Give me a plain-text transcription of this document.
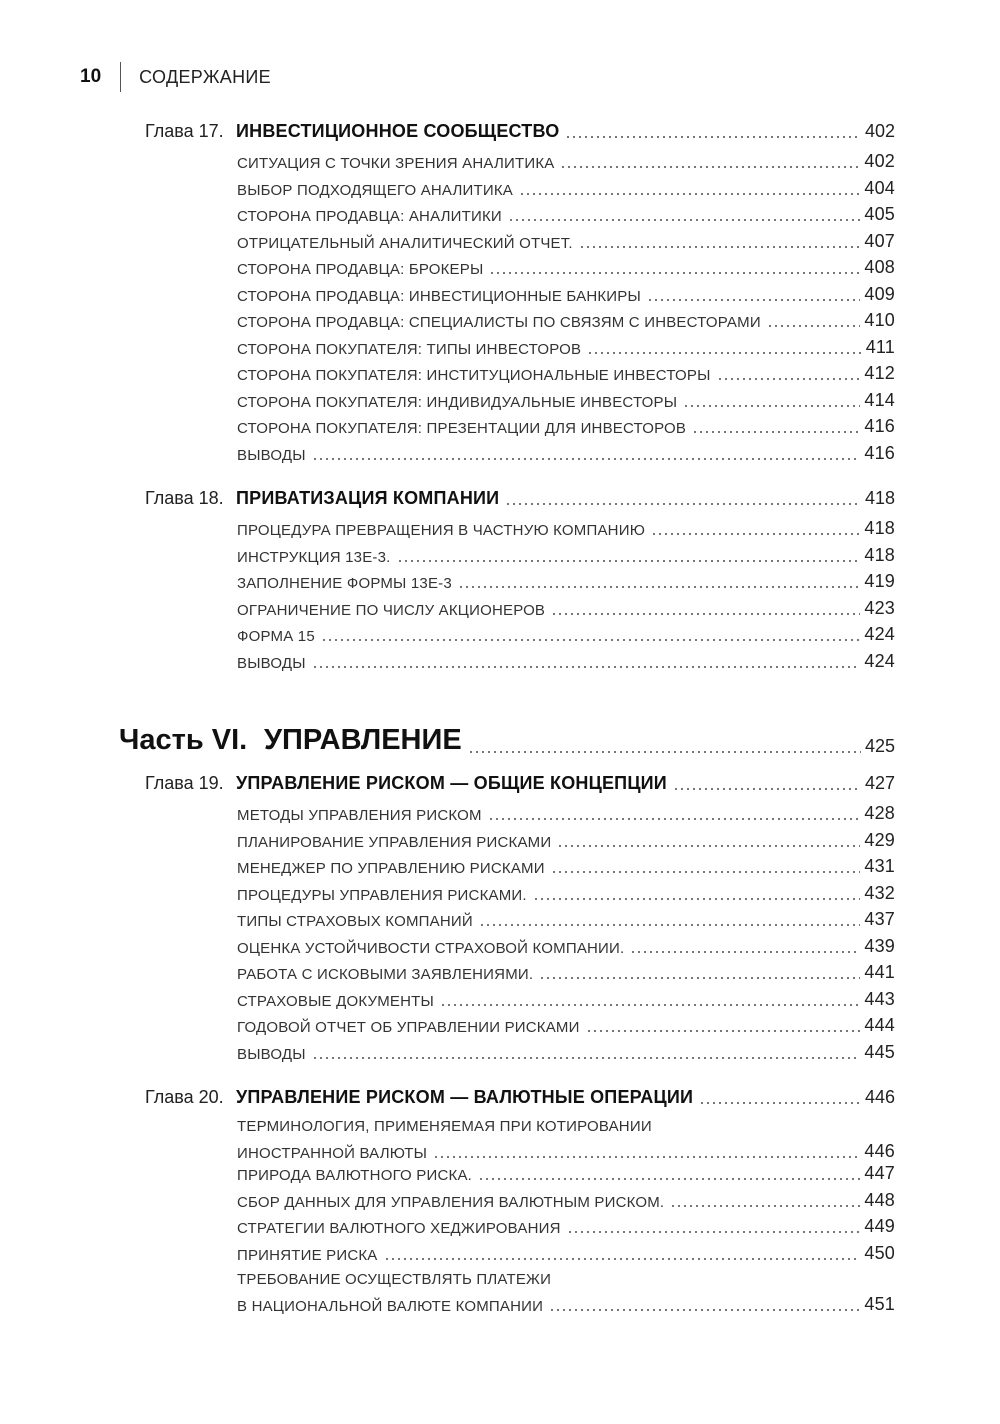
10 СОДЕРЖАНИЕ
Глава 17. ИНВЕСТИЦИОННОЕ СООБЩЕСТВО	402
СИТУАЦИЯ С ТОЧКИ ЗРЕНИЯ АНАЛИТИКА	402
ВЫБОР ПОДХОДЯЩЕГО АНАЛИТИКА	404
СТОРОНА ПРОДАВЦА: АНАЛИТИКИ	405
ОТРИЦАТЕЛЬНЫЙ АНАЛИТИЧЕСКИЙ ОТЧЕТ.	407
СТОРОНА ПРОДАВЦА: БРОКЕРЫ	408
СТОРОНА ПРОДАВЦА: ИНВЕСТИЦИОННЫЕ БАНКИРЫ	409
СТОРОНА ПРОДАВЦА: СПЕЦИАЛИСТЫ ПО СВЯЗЯМ С ИНВЕСТОРАМИ	410
СТОРОНА ПОКУПАТЕЛЯ: ТИПЫ ИНВЕСТОРОВ	411
СТОРОНА ПОКУПАТЕЛЯ: ИНСТИТУЦИОНАЛЬНЫЕ ИНВЕСТОРЫ	412
СТОРОНА ПОКУПАТЕЛЯ: ИНДИВИДУАЛЬНЫЕ ИНВЕСТОРЫ	414
СТОРОНА ПОКУПАТЕЛЯ: ПРЕЗЕНТАЦИИ ДЛЯ ИНВЕСТОРОВ	416
ВЫВОДЫ	416
Глава 18. ПРИВАТИЗАЦИЯ КОМПАНИИ	418
ПРОЦЕДУРА ПРЕВРАЩЕНИЯ В ЧАСТНУЮ КОМПАНИЮ	418
ИНСТРУКЦИЯ 13Е-3.	418
ЗАПОЛНЕНИЕ ФОРМЫ 13Е-3	419
ОГРАНИЧЕНИЕ ПО ЧИСЛУ АКЦИОНЕРОВ	423
ФОРМА 15	424
ВЫВОДЫ	424
Часть VI. УПРАВЛЕНИЕ	425
Глава 19. УПРАВЛЕНИЕ РИСКОМ — ОБЩИЕ КОНЦЕПЦИИ	427
МЕТОДЫ УПРАВЛЕНИЯ РИСКОМ	428
ПЛАНИРОВАНИЕ УПРАВЛЕНИЯ РИСКАМИ	429
МЕНЕДЖЕР ПО УПРАВЛЕНИЮ РИСКАМИ	431
ПРОЦЕДУРЫ УПРАВЛЕНИЯ РИСКАМИ.	432
ТИПЫ СТРАХОВЫХ КОМПАНИЙ	437
ОЦЕНКА УСТОЙЧИВОСТИ СТРАХОВОЙ КОМПАНИИ.	439
РАБОТА С ИСКОВЫМИ ЗАЯВЛЕНИЯМИ.	441
СТРАХОВЫЕ ДОКУМЕНТЫ	443
ГОДОВОЙ ОТЧЕТ ОБ УПРАВЛЕНИИ РИСКАМИ	444
ВЫВОДЫ	445
Глава 20. УПРАВЛЕНИЕ РИСКОМ — ВАЛЮТНЫЕ ОПЕРАЦИИ	446
ТЕРМИНОЛОГИЯ, ПРИМЕНЯЕМАЯ ПРИ КОТИРОВАНИИ
ИНОСТРАННОЙ ВАЛЮТЫ	446
ПРИРОДА ВАЛЮТНОГО РИСКА.	447
СБОР ДАННЫХ ДЛЯ УПРАВЛЕНИЯ ВАЛЮТНЫМ РИСКОМ.	448
СТРАТЕГИИ ВАЛЮТНОГО ХЕДЖИРОВАНИЯ	449
ПРИНЯТИЕ РИСКА	450
ТРЕБОВАНИЕ ОСУЩЕСТВЛЯТЬ ПЛАТЕЖИ
В НАЦИОНАЛЬНОЙ ВАЛЮТЕ КОМПАНИИ	451
